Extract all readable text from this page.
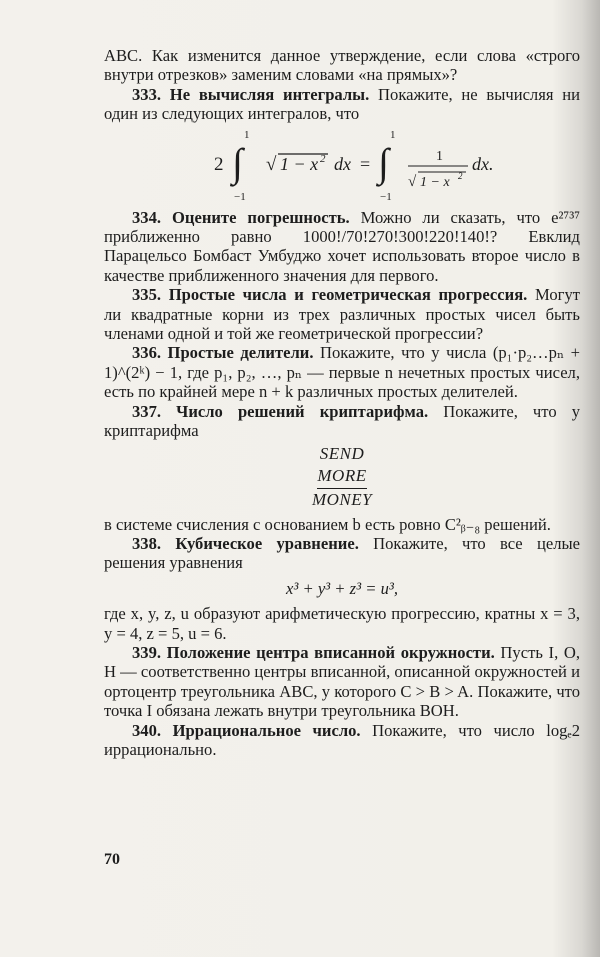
ABC. Как изменится данное утверждение, если слова «строго внутри отрезков» заменим словами «на прямых»?

333. Не вычисляя интегралы. Покажите, не вычисляя ни один из следующих интегралов, что

2 ∫
1
−1
√ 1 − x 2 dx = ∫
1
−1
1
√ 1 − x 2
dx.

334. Оцените погрешность. Можно ли сказать, что e²⁷³⁷ приближенно равно 1000!/70!270!300!220!140!? Евклид Парацельсо Бомбаст Умбуджо хочет использовать второе число в качестве приближенного значения для первого.

335. Простые числа и геометрическая прогрессия. Могут ли квадратные корни из трех различных простых чисел быть членами одной и той же геометрической прогрессии?

336. Простые делители. Покажите, что у числа (p₁·p₂…pₙ + 1)^(2ᵏ) − 1, где p₁, p₂, …, pₙ — первые n нечетных простых чисел, есть по крайней мере n + k различных простых делителей.

337. Число решений криптарифма. Покажите, что у криптарифма

SEND
MORE
MONEY

в системе счисления с основанием b есть ровно C²ᵦ₋₈ решений.

338. Кубическое уравнение. Покажите, что все целые решения уравнения

x³ + y³ + z³ = u³,

где x, y, z, u образуют арифметическую прогрессию, кратны x = 3, y = 4, z = 5, u = 6.

339. Положение центра вписанной окружности. Пусть I, O, H — соответственно центры вписанной, описанной окружностей и ортоцентр треугольника ABC, у которого C > B > A. Покажите, что точка I обязана лежать внутри треугольника BOH.

340. Иррациональное число. Покажите, что число logₑ2 иррационально.

70
